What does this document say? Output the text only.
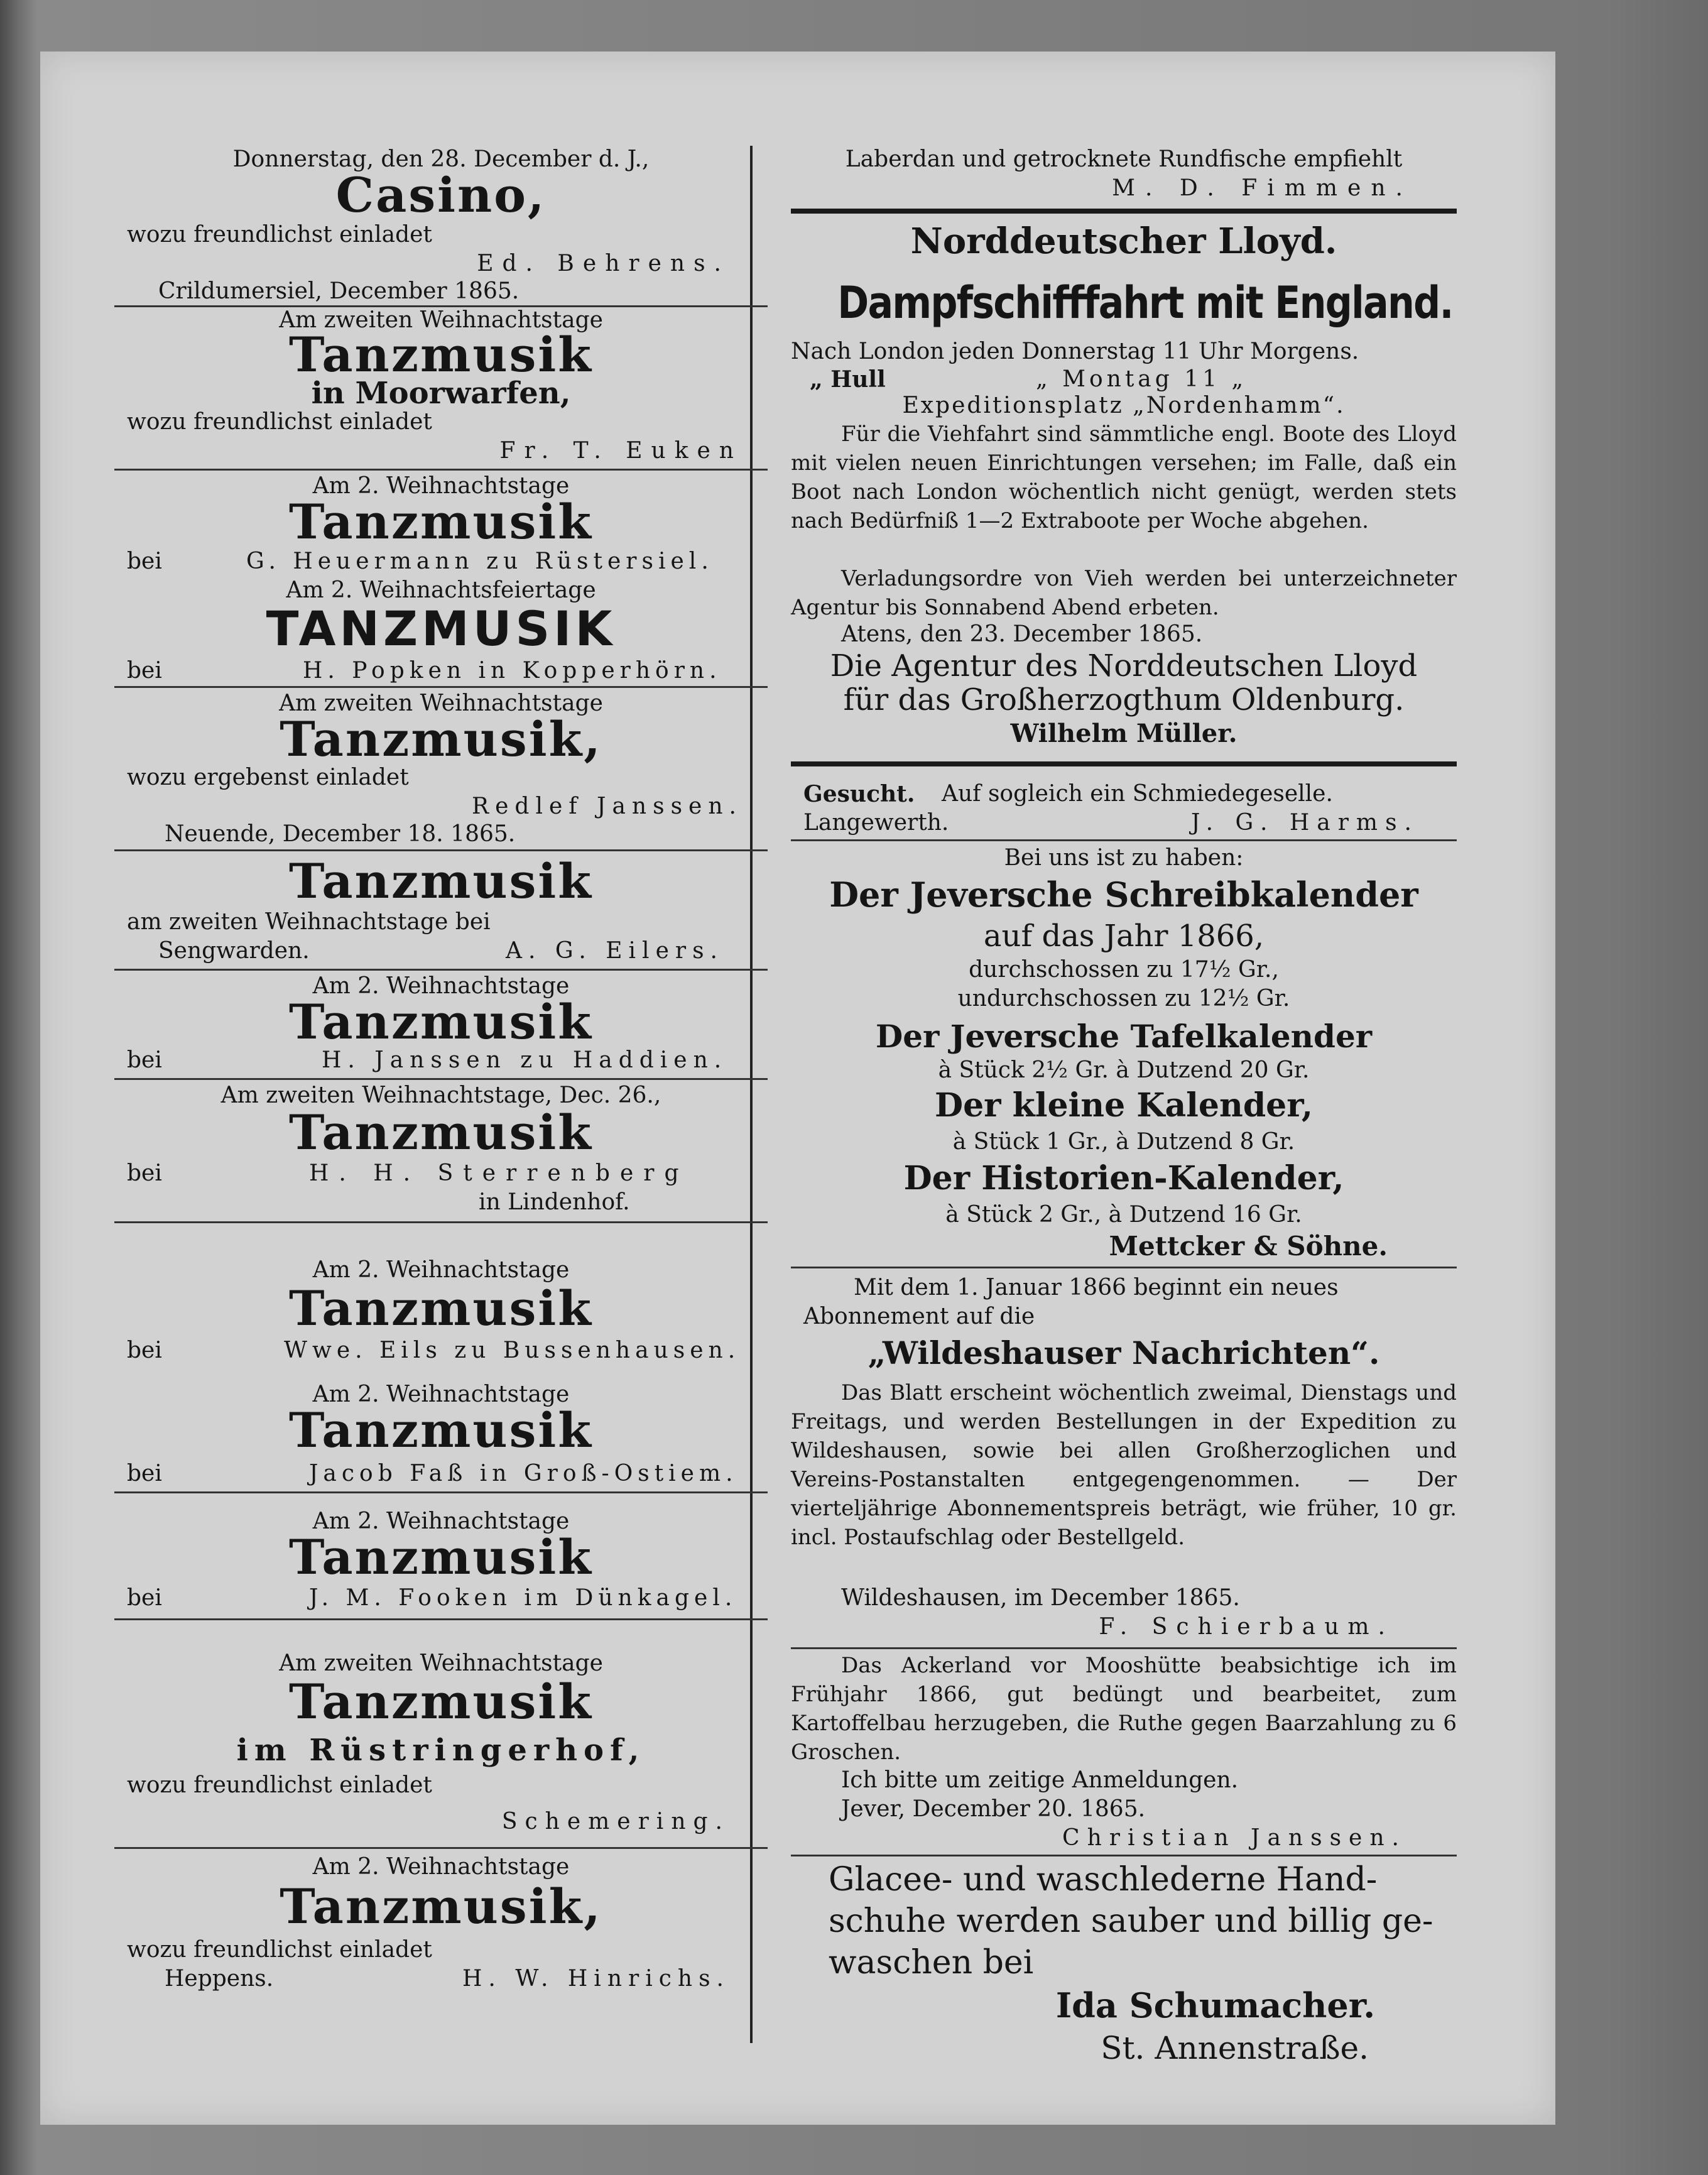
Donnerstag, den 28. December d. J.,
Casino,
wozu freundlichst einladet
Ed. Behrens.
Crildumersiel, December 1865.
Am zweiten Weihnachtstage
Tanzmusik
in Moorwarfen,
wozu freundlichst einladet
Fr. T. Euken
Am 2. Weihnachtstage
Tanzmusik
bei	G. Heuermann zu Rüstersiel.
Am 2. Weihnachtsfeiertage
TANZMUSIK
bei	H. Popken in Kopperhörn.
Am zweiten Weihnachtstage
Tanzmusik,
wozu ergebenst einladet
Redlef Janssen.
Neuende, December 18. 1865.
Tanzmusik
am zweiten Weihnachtstage bei
Sengwarden.	A. G. Eilers.
Am 2. Weihnachtstage
Tanzmusik
bei	H. Janssen zu Haddien.
Am zweiten Weihnachtstage, Dec. 26.,
Tanzmusik
bei	H. H. Sterrenberg
in Lindenhof.
Am 2. Weihnachtstage
Tanzmusik
bei	Wwe. Eils zu Bussenhausen.
Am 2. Weihnachtstage
Tanzmusik
bei	Jacob Faß in Groß-Ostiem.
Am 2. Weihnachtstage
Tanzmusik
bei	J. M. Fooken im Dünkagel.
Am zweiten Weihnachtstage
Tanzmusik
im Rüstringerhof,
wozu freundlichst einladet
Schemering.
Am 2. Weihnachtstage
Tanzmusik,
wozu freundlichst einladet
Heppens.	H. W. Hinrichs.
Laberdan und getrocknete Rundfische empfiehlt
M. D. Fimmen.
Norddeutscher Lloyd.
Dampfschifffahrt mit England.
Nach London jeden Donnerstag 11 Uhr Morgens.
„ Hull	„ Montag 11 „
Expeditionsplatz „Nordenhamm“.
Für die Viehfahrt sind sämmtliche engl. Boote des Lloyd mit vielen neuen Einrichtungen versehen; im Falle, daß ein Boot nach London wöchentlich nicht genügt, werden stets nach Bedürfniß 1—2 Extraboote per Woche abgehen.
Verladungsordre von Vieh werden bei unterzeichneter Agentur bis Sonnabend Abend erbeten.
Atens, den 23. December 1865.
Die Agentur des Norddeutschen Lloyd
für das Großherzogthum Oldenburg.
Wilhelm Müller.
Gesucht. Auf sogleich ein Schmiedegeselle.
Langewerth.	J. G. Harms.
Bei uns ist zu haben:
Der Jeversche Schreibkalender
auf das Jahr 1866,
durchschossen zu 17½ Gr.,
undurchschossen zu 12½ Gr.
Der Jeversche Tafelkalender
à Stück 2½ Gr. à Dutzend 20 Gr.
Der kleine Kalender,
à Stück 1 Gr., à Dutzend 8 Gr.
Der Historien-Kalender,
à Stück 2 Gr., à Dutzend 16 Gr.
Mettcker & Söhne.
Mit dem 1. Januar 1866 beginnt ein neues
Abonnement auf die
„Wildeshauser Nachrichten“.
Das Blatt erscheint wöchentlich zweimal, Dienstags und Freitags, und werden Bestellungen in der Expedition zu Wildeshausen, sowie bei allen Großherzoglichen und Vereins-Postanstalten entgegengenommen. — Der vierteljährige Abonnementspreis beträgt, wie früher, 10 gr. incl. Postaufschlag oder Bestellgeld.
Wildeshausen, im December 1865.
F. Schierbaum.
Das Ackerland vor Mooshütte beabsichtige ich im Frühjahr 1866, gut bedüngt und bearbeitet, zum Kartoffelbau herzugeben, die Ruthe gegen Baarzahlung zu 6 Groschen.
Ich bitte um zeitige Anmeldungen.
Jever, December 20. 1865.
Christian Janssen.
Glacee- und waschlederne Hand-
schuhe werden sauber und billig ge-
waschen bei
Ida Schumacher.
St. Annenstraße.
